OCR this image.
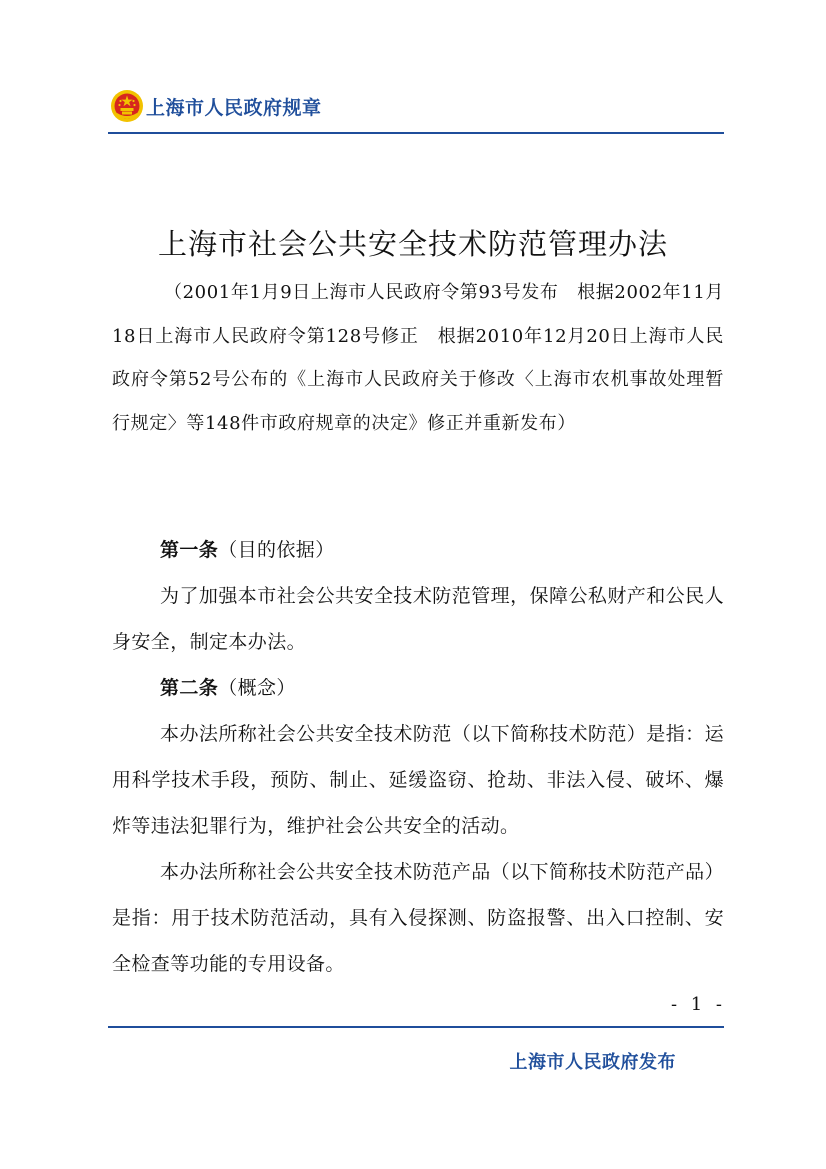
上海市人民政府规章
上海市社会公共安全技术防范管理办法
（2001年1月9日上海市人民政府令第93号发布　根据2002年11月18日上海市人民政府令第128号修正　根据2010年12月20日上海市人民政府令第52号公布的《上海市人民政府关于修改〈上海市农机事故处理暂行规定〉等148件市政府规章的决定》修正并重新发布）

第一条（目的依据）

为了加强本市社会公共安全技术防范管理，保障公私财产和公民人身安全，制定本办法。

第二条（概念）

本办法所称社会公共安全技术防范（以下简称技术防范）是指：运用科学技术手段，预防、制止、延缓盗窃、抢劫、非法入侵、破坏、爆炸等违法犯罪行为，维护社会公共安全的活动。

本办法所称社会公共安全技术防范产品（以下简称技术防范产品）是指：用于技术防范活动，具有入侵探测、防盗报警、出入口控制、安全检查等功能的专用设备。

- 1 -
上海市人民政府发布
